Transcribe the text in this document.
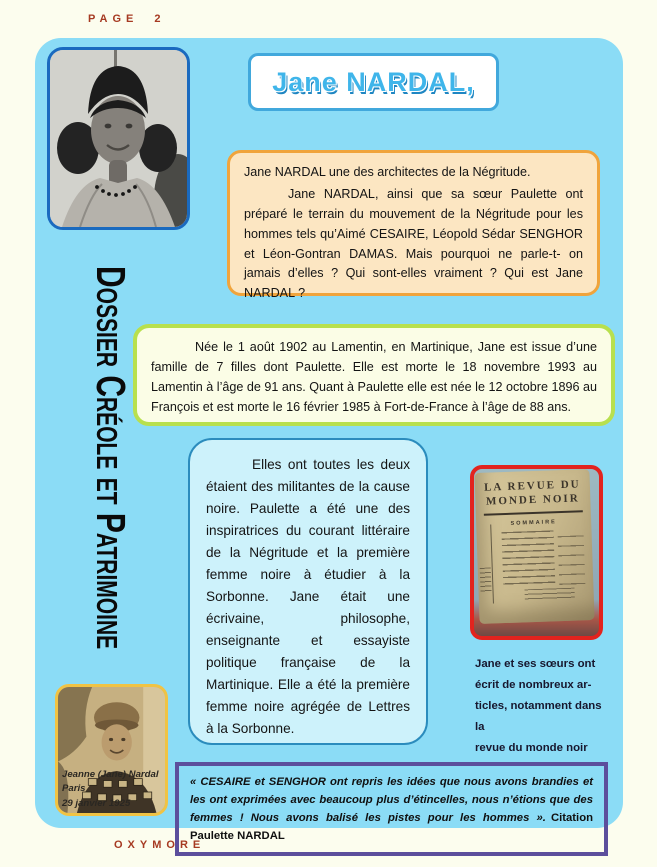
PAGE 2
Jane NARDAL,
Dossier Créole et Patrimoine

Jane NARDAL une des architectes de la Négritude.

Jane NARDAL, ainsi que sa sœur Paulette ont préparé le terrain du mouvement de la Négritude pour les hommes tels qu’Aimé CESAIRE, Léopold Sédar SENGHOR et Léon-Gontran DAMAS. Mais pourquoi ne parle-t- on jamais d’elles ? Qui sont-elles vraiment ? Qui est Jane NARDAL ?

Née le 1 août 1902 au Lamentin, en Martinique, Jane est issue d’une famille de 7 filles dont Paulette. Elle est morte le 18 novembre 1993 au Lamentin à l’âge de 91 ans. Quant à Paulette elle est née le 12 octobre 1896 au François et est morte le 16 février 1985 à Fort-de-France à l’âge de 88 ans.

Elles ont toutes les deux étaient des militantes de la cause noire. Paulette a été une des inspiratrices du courant littéraire de la Négritude et la première femme noire à étudier à la Sorbonne. Jane était une écrivaine, philosophe, enseignante et essayiste politique française de la Martinique. Elle a été la première femme noire agrégée de Lettres à la Sorbonne.

LA REVUE DU
MONDE NOIR
SOMMAIRE
Jane et ses sœurs ont
écrit de nombreux ar-
ticles, notamment dans la
revue du monde noir
Jeanne (Jane) Nardal Paris
29 janvier 1925
« CESAIRE et SENGHOR ont repris les idées que nous avons brandies et les ont exprimées avec beaucoup plus d’étincelles, nous n’étions que des femmes ! Nous avons balisé les pistes pour les hommes ». Citation Paulette NARDAL
OXYMORE
